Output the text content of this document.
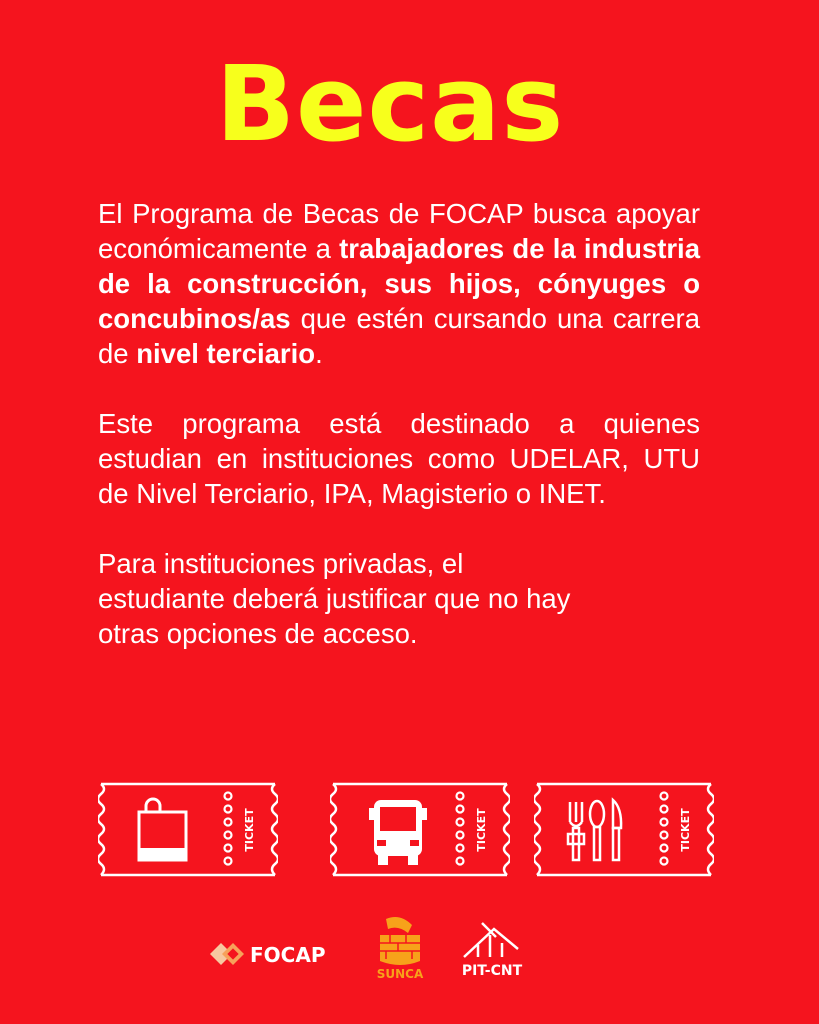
Becas

El Programa de Becas de FOCAP busca apoyar económicamente a trabajadores de la industria de la construcción, sus hijos, cónyuges o concubinos/as que estén cursando una carrera de nivel terciario.

Este programa está destinado a quienes estudian en instituciones como UDELAR, UTU de Nivel Terciario, IPA, Magisterio o INET.

Para instituciones privadas, el
estudiante deberá justificar que no hay
otras opciones de acceso.

TICKET	TICKET	TICKET
FOCAP
SUNCA	PIT-CNT
